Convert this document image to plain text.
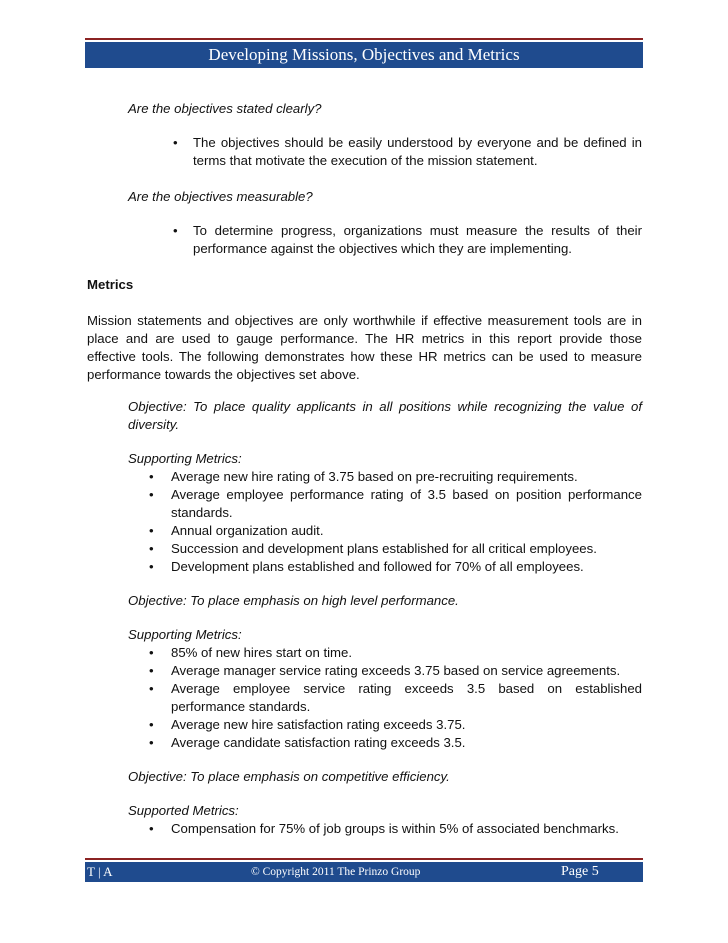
Developing Missions, Objectives and Metrics

Are the objectives stated clearly?

• The objectives should be easily understood by everyone and be defined in terms that motivate the execution of the mission statement.

Are the objectives measurable?

• To determine progress, organizations must measure the results of their performance against the objectives which they are implementing.

Metrics

Mission statements and objectives are only worthwhile if effective measurement tools are in place and are used to gauge performance. The HR metrics in this report provide those effective tools. The following demonstrates how these HR metrics can be used to measure performance towards the objectives set above.

Objective: To place quality applicants in all positions while recognizing the value of diversity.

Supporting Metrics:

• Average new hire rating of 3.75 based on pre-recruiting requirements.
• Average employee performance rating of 3.5 based on position performance standards.
• Annual organization audit.
• Succession and development plans established for all critical employees.
• Development plans established and followed for 70% of all employees.

Objective: To place emphasis on high level performance.

Supporting Metrics:

• 85% of new hires start on time.
• Average manager service rating exceeds 3.75 based on service agreements.
• Average employee service rating exceeds 3.5 based on established performance standards.
• Average new hire satisfaction rating exceeds 3.75.
• Average candidate satisfaction rating exceeds 3.5.

Objective: To place emphasis on competitive efficiency.

Supported Metrics:

• Compensation for 75% of job groups is within 5% of associated benchmarks.
T | A	© Copyright 2011 The Prinzo Group	Page 5
